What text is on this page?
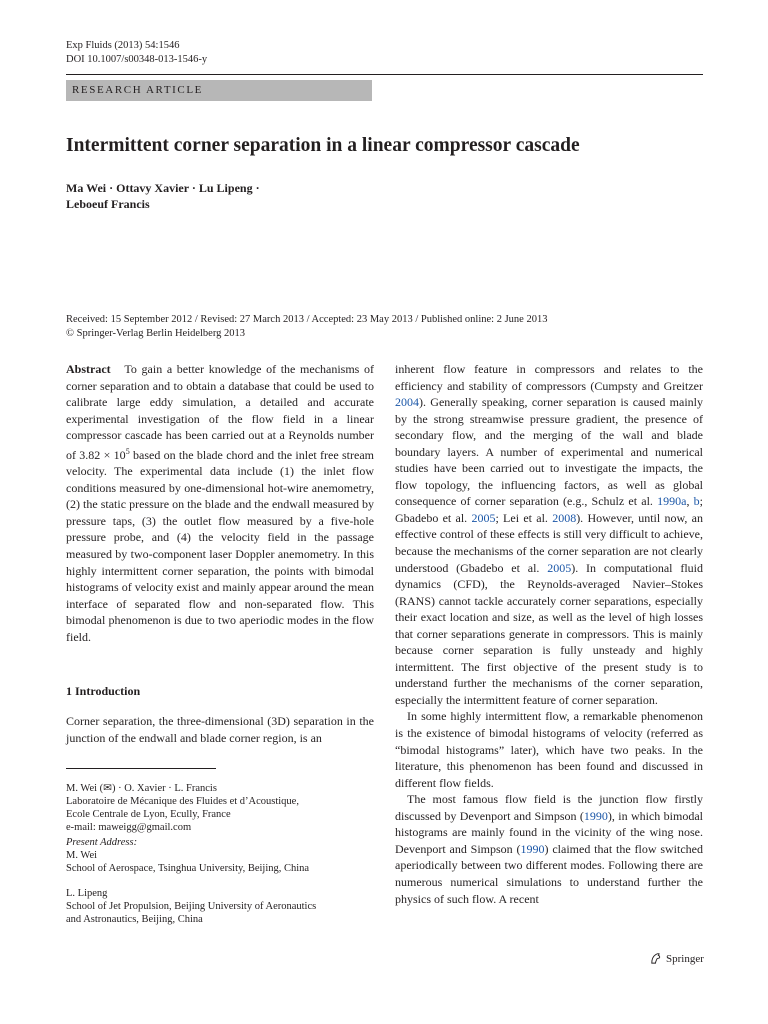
Exp Fluids (2013) 54:1546
DOI 10.1007/s00348-013-1546-y
RESEARCH ARTICLE
Intermittent corner separation in a linear compressor cascade
Ma Wei · Ottavy Xavier · Lu Lipeng ·
Leboeuf Francis
Received: 15 September 2012 / Revised: 27 March 2013 / Accepted: 23 May 2013 / Published online: 2 June 2013
© Springer-Verlag Berlin Heidelberg 2013

Abstract To gain a better knowledge of the mechanisms of corner separation and to obtain a database that could be used to calibrate large eddy simulation, a detailed and accurate experimental investigation of the flow field in a linear compressor cascade has been carried out at a Reynolds number of $3.82 \times 10^5$ based on the blade chord and the inlet free stream velocity. The experimental data include (1) the inlet flow conditions measured by one-dimensional hot-wire anemometry, (2) the static pressure on the blade and the endwall measured by pressure taps, (3) the outlet flow measured by a five-hole pressure probe, and (4) the velocity field in the passage measured by two-component laser Doppler anemometry. In this highly intermittent corner separation, the points with bimodal histograms of velocity exist and mainly appear around the mean interface of separated flow and non-separated flow. This bimodal phenomenon is due to two aperiodic modes in the flow field.

1 Introduction
Corner separation, the three-dimensional (3D) separation in the junction of the endwall and blade corner region, is an
M. Wei (✉) · O. Xavier · L. Francis
Laboratoire de Mécanique des Fluides et d’Acoustique,
Ecole Centrale de Lyon, Ecully, France
e-mail: maweigg@gmail.com
Present Address:
M. Wei
School of Aerospace, Tsinghua University, Beijing, China
L. Lipeng
School of Jet Propulsion, Beijing University of Aeronautics
and Astronautics, Beijing, China

inherent flow feature in compressors and relates to the efficiency and stability of compressors (Cumpsty and Greitzer 2004). Generally speaking, corner separation is caused mainly by the strong streamwise pressure gradient, the presence of secondary flow, and the merging of the wall and blade boundary layers. A number of experimental and numerical studies have been carried out to investigate the impacts, the flow topology, the influencing factors, as well as global consequence of corner separation (e.g., Schulz et al. 1990a, b; Gbadebo et al. 2005; Lei et al. 2008). However, until now, an effective control of these effects is still very difficult to achieve, because the mechanisms of the corner separation are not clearly understood (Gbadebo et al. 2005). In computational fluid dynamics (CFD), the Reynolds-averaged Navier–Stokes (RANS) cannot tackle accurately corner separations, especially their exact location and size, as well as the level of high losses that corner separations generate in compressors. This is mainly because corner separation is fully unsteady and highly intermittent. The first objective of the present study is to understand further the mechanisms of the corner separation, especially the intermittent feature of corner separation.

In some highly intermittent flow, a remarkable phenomenon is the existence of bimodal histograms of velocity (referred as “bimodal histograms” later), which have two peaks. In the literature, this phenomenon has been found and discussed in different flow fields.

The most famous flow field is the junction flow firstly discussed by Devenport and Simpson (1990), in which bimodal histograms are mainly found in the vicinity of the wing nose. Devenport and Simpson (1990) claimed that the flow switched aperiodically between two different modes. Following there are numerous numerical simulations to understand further the physics of such flow. A recent

Springer
